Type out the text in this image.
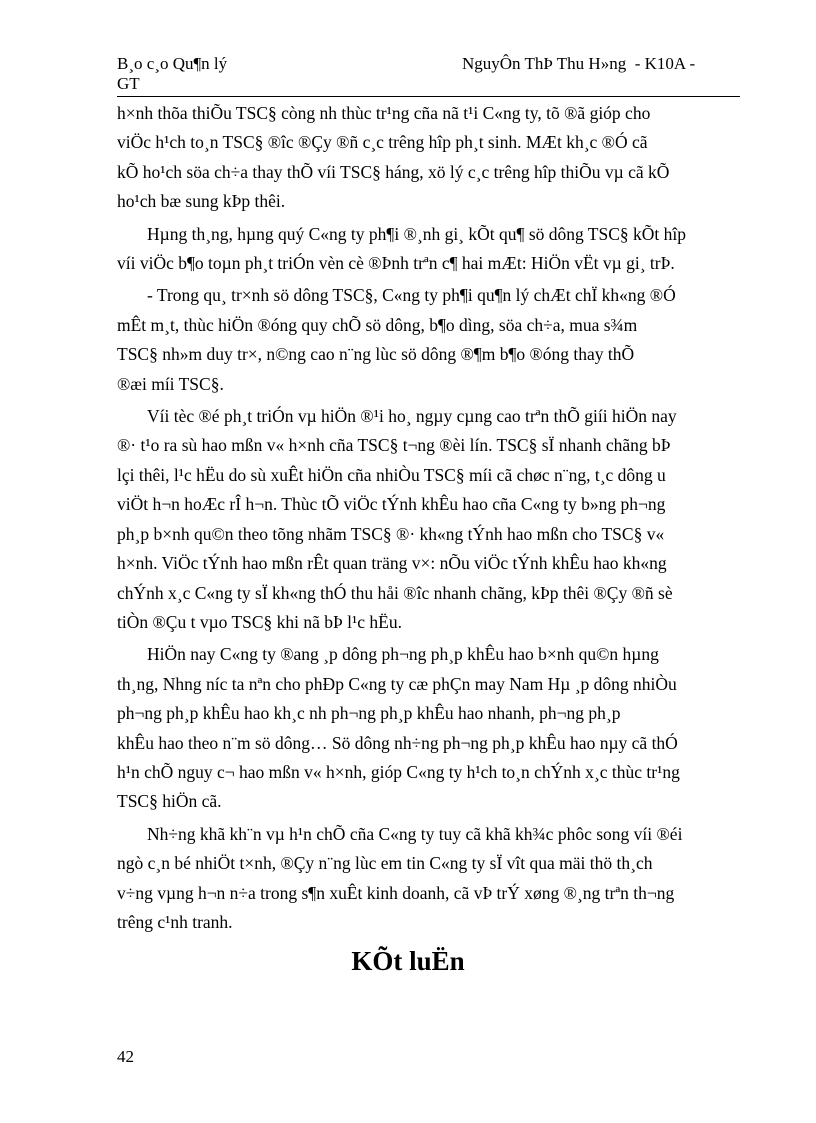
B¸o c¸o Qu¶n lý
GT
NguyÔn ThÞ Thu H»ng  - K10A -

h×nh thõa thiÕu TSC§ còng nh thùc tr¹ng cña nã t¹i C«ng ty, tõ ®ã gióp cho
viÖc h¹ch to¸n TSC§ ®îc ®Çy ®ñ c¸c trêng hîp ph¸t sinh. MÆt kh¸c ®Ó cã
kÕ ho¹ch söa ch÷a thay thÕ víi TSC§ háng, xö lý c¸c trêng hîp thiÕu vµ cã kÕ
ho¹ch bæ sung kÞp thêi.

Hµng th¸ng, hµng quý C«ng ty ph¶i ®¸nh gi¸ kÕt qu¶ sö dông TSC§ kÕt hîp
víi viÖc b¶o toµn ph¸t triÓn vèn cè ®Þnh trªn c¶ hai mÆt: HiÖn vËt vµ gi¸ trÞ.

- Trong qu¸ tr×nh sö dông TSC§, C«ng ty ph¶i qu¶n lý chÆt chÏ kh«ng ®Ó
mÊt m¸t, thùc hiÖn ®óng quy chÕ sö dông, b¶o dìng, söa ch÷a, mua s¾m
TSC§ nh»m duy tr×, n©ng cao n¨ng lùc sö dông ®¶m b¶o ®óng thay thÕ
®æi míi TSC§.

Víi tèc ®é ph¸t triÓn vµ hiÖn ®¹i ho¸ ngµy cµng cao trªn thÕ giíi hiÖn nay
®· t¹o ra sù hao mßn v« h×nh cña TSC§ t¬ng ®èi lín. TSC§ sÏ nhanh chãng bÞ
lçi thêi, l¹c hËu do sù xuÊt hiÖn cña nhiÒu TSC§ míi cã chøc n¨ng, t¸c dông u
viÖt h¬n hoÆc rÎ h¬n. Thùc tÕ viÖc tÝnh khÊu hao cña C«ng ty b»ng ph¬ng
ph¸p b×nh qu©n theo tõng nhãm TSC§ ®· kh«ng tÝnh hao mßn cho TSC§ v«
h×nh. ViÖc tÝnh hao mßn rÊt quan träng v×: nÕu viÖc tÝnh khÊu hao kh«ng
chÝnh x¸c C«ng ty sÏ kh«ng thÓ thu håi ®îc nhanh chãng, kÞp thêi ®Çy ®ñ sè
tiÒn ®Çu t vµo TSC§ khi nã bÞ l¹c hËu.

HiÖn nay C«ng ty ®ang ¸p dông ph¬ng ph¸p khÊu hao b×nh qu©n hµng
th¸ng, Nhng níc ta nªn cho phÐp C«ng ty cæ phÇn may Nam Hµ ¸p dông nhiÒu
ph¬ng ph¸p khÊu hao kh¸c nh ph¬ng ph¸p khÊu hao nhanh, ph¬ng ph¸p
khÊu hao theo n¨m sö dông… Sö dông nh÷ng ph¬ng ph¸p khÊu hao nµy cã thÓ
h¹n chÕ nguy c¬ hao mßn v« h×nh, gióp C«ng ty h¹ch to¸n chÝnh x¸c thùc tr¹ng
TSC§ hiÖn cã.

Nh÷ng khã kh¨n vµ h¹n chÕ cña C«ng ty tuy cã khã kh¾c phôc song víi ®éi
ngò c¸n bé nhiÖt t×nh, ®Çy n¨ng lùc em tin C«ng ty sÏ vît qua mäi thö th¸ch
v÷ng vµng h¬n n÷a trong s¶n xuÊt kinh doanh, cã vÞ trÝ xøng ®¸ng trªn th¬ng
trêng c¹nh tranh.

KÕt luËn
42
